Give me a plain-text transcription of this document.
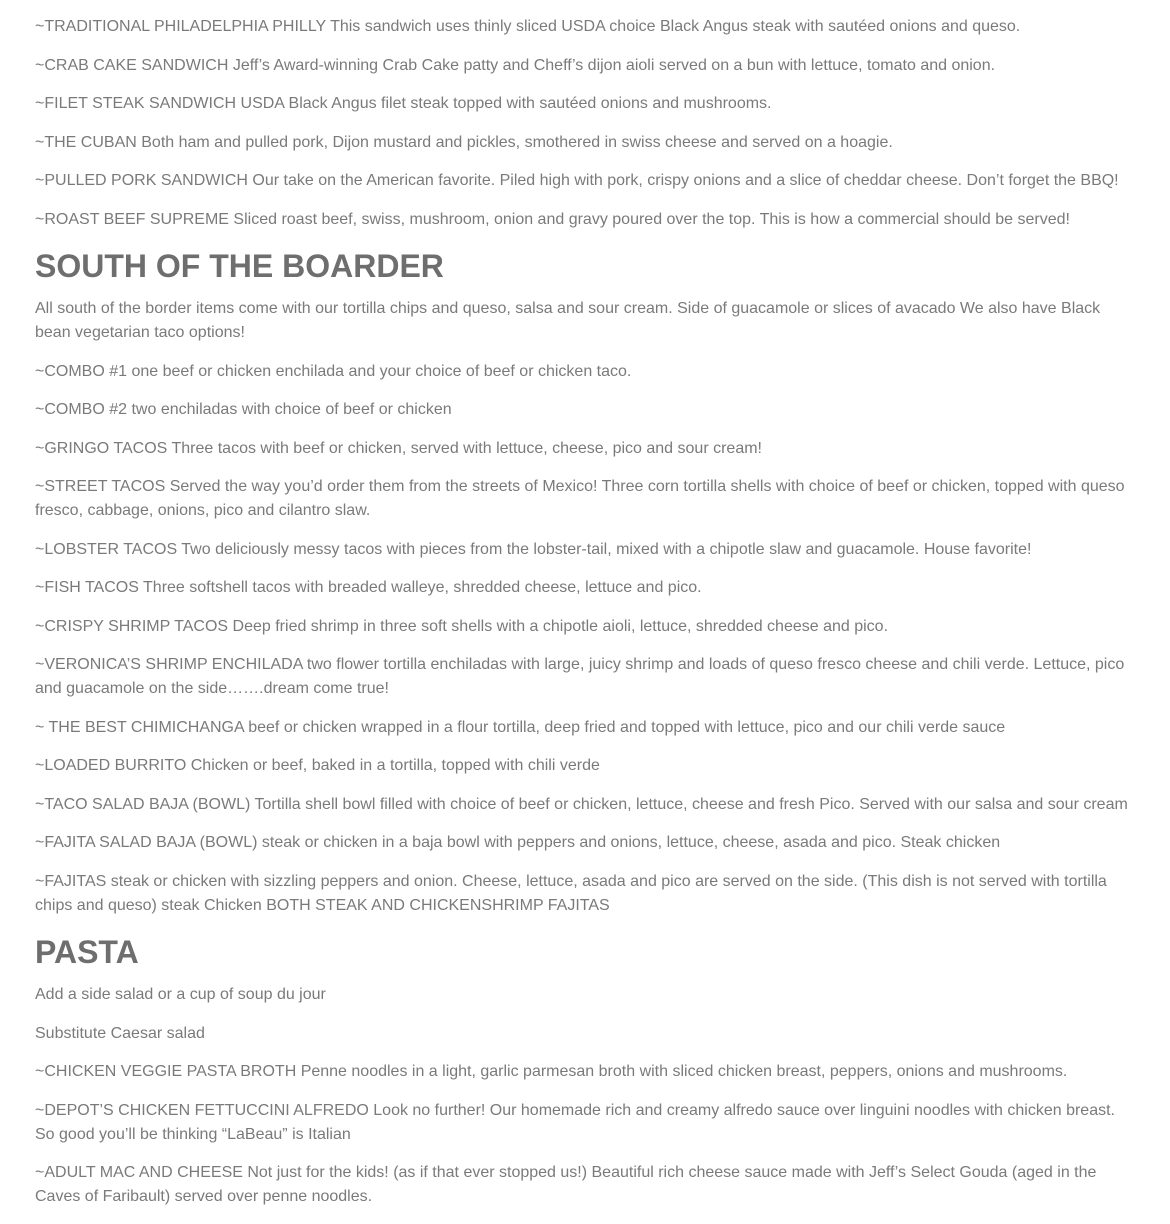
~TRADITIONAL PHILADELPHIA PHILLY This sandwich uses thinly sliced USDA choice Black Angus steak with sautéed onions and queso.

~CRAB CAKE SANDWICH Jeff’s Award-winning Crab Cake patty and Cheff’s dijon aioli served on a bun with lettuce, tomato and onion.

~FILET STEAK SANDWICH USDA Black Angus filet steak topped with sautéed onions and mushrooms.

~THE CUBAN Both ham and pulled pork, Dijon mustard and pickles, smothered in swiss cheese and served on a hoagie.

~PULLED PORK SANDWICH Our take on the American favorite. Piled high with pork, crispy onions and a slice of cheddar cheese. Don’t forget the BBQ!

~ROAST BEEF SUPREME Sliced roast beef, swiss, mushroom, onion and gravy poured over the top. This is how a commercial should be served!

SOUTH OF THE BOARDER

All south of the border items come with our tortilla chips and queso, salsa and sour cream. Side of guacamole or slices of avacado We also have Black bean vegetarian taco options!

~COMBO #1 one beef or chicken enchilada and your choice of beef or chicken taco.

~COMBO #2 two enchiladas with choice of beef or chicken

~GRINGO TACOS Three tacos with beef or chicken, served with lettuce, cheese, pico and sour cream!

~STREET TACOS Served the way you’d order them from the streets of Mexico! Three corn tortilla shells with choice of beef or chicken, topped with queso fresco, cabbage, onions, pico and cilantro slaw.

~LOBSTER TACOS Two deliciously messy tacos with pieces from the lobster-tail, mixed with a chipotle slaw and guacamole. House favorite!

~FISH TACOS Three softshell tacos with breaded walleye, shredded cheese, lettuce and pico.

~CRISPY SHRIMP TACOS Deep fried shrimp in three soft shells with a chipotle aioli, lettuce, shredded cheese and pico.

~VERONICA’S SHRIMP ENCHILADA two flower tortilla enchiladas with large, juicy shrimp and loads of queso fresco cheese and chili verde. Lettuce, pico and guacamole on the side…….dream come true!

~ THE BEST CHIMICHANGA beef or chicken wrapped in a flour tortilla, deep fried and topped with lettuce, pico and our chili verde sauce

~LOADED BURRITO Chicken or beef, baked in a tortilla, topped with chili verde

~TACO SALAD BAJA (BOWL) Tortilla shell bowl filled with choice of beef or chicken, lettuce, cheese and fresh Pico. Served with our salsa and sour cream

~FAJITA SALAD BAJA (BOWL) steak or chicken in a baja bowl with peppers and onions, lettuce, cheese, asada and pico. Steak chicken

~FAJITAS steak or chicken with sizzling peppers and onion. Cheese, lettuce, asada and pico are served on the side. (This dish is not served with tortilla chips and queso) steak Chicken BOTH STEAK AND CHICKENSHRIMP FAJITAS

PASTA

Add a side salad or a cup of soup du jour

Substitute Caesar salad

~CHICKEN VEGGIE PASTA BROTH Penne noodles in a light, garlic parmesan broth with sliced chicken breast, peppers, onions and mushrooms.

~DEPOT’S CHICKEN FETTUCCINI ALFREDO Look no further! Our homemade rich and creamy alfredo sauce over linguini noodles with chicken breast. So good you’ll be thinking “LaBeau” is Italian

~ADULT MAC AND CHEESE Not just for the kids! (as if that ever stopped us!) Beautiful rich cheese sauce made with Jeff’s Select Gouda (aged in the Caves of Faribault) served over penne noodles.
